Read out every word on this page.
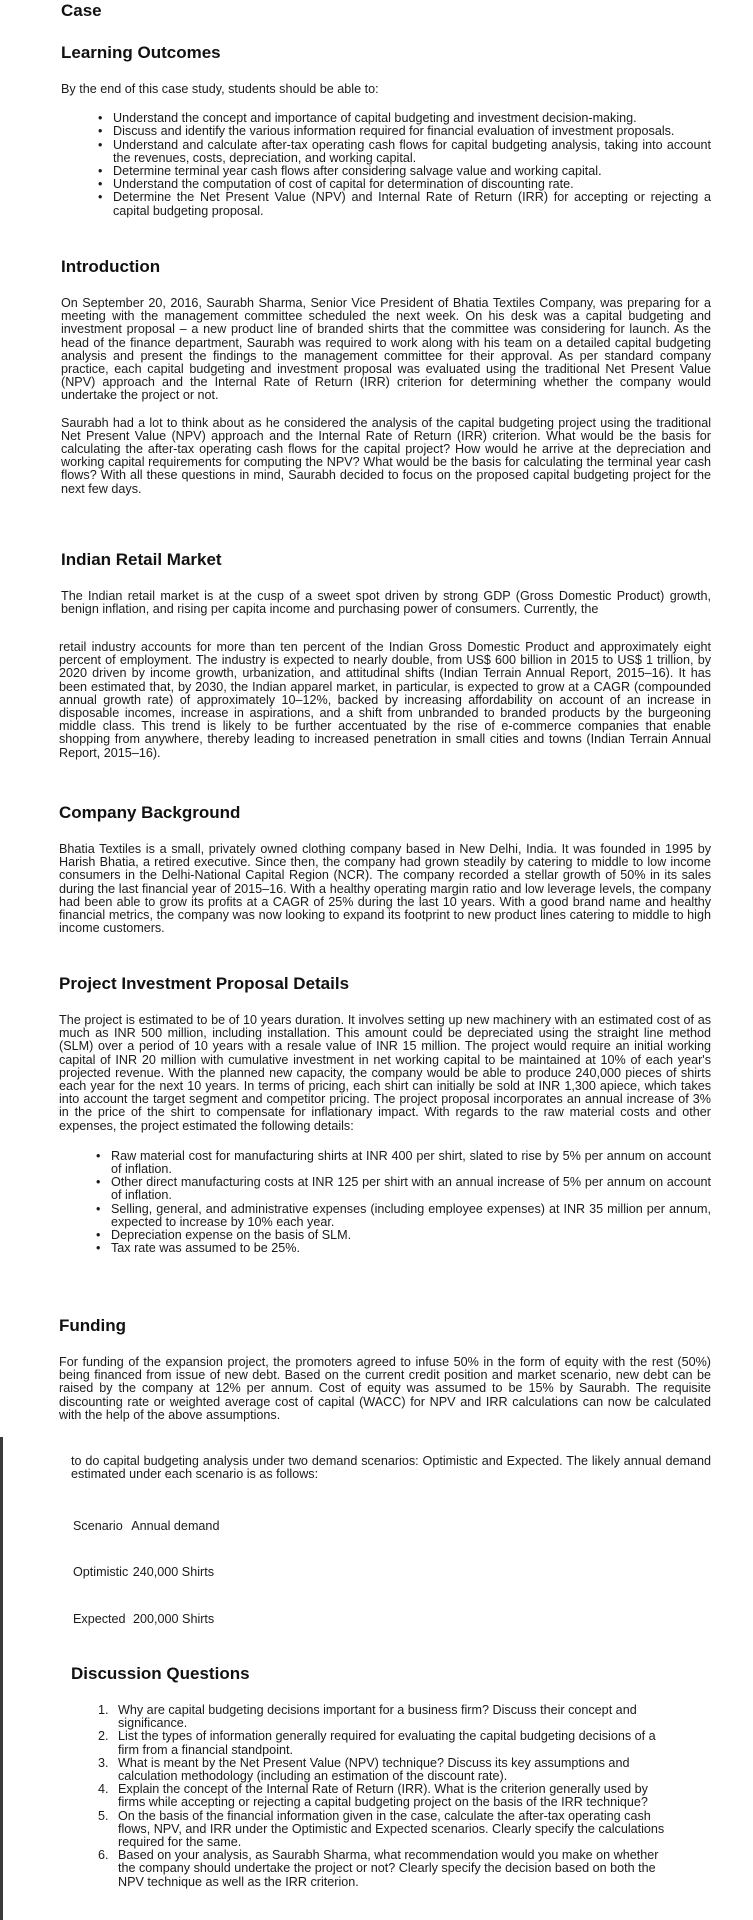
Case
Learning Outcomes

By the end of this case study, students should be able to:

• Understand the concept and importance of capital budgeting and investment decision-making.
• Discuss and identify the various information required for financial evaluation of investment proposals.
• Understand and calculate after-tax operating cash flows for capital budgeting analysis, taking into account the revenues, costs, depreciation, and working capital.
• Determine terminal year cash flows after considering salvage value and working capital.
• Understand the computation of cost of capital for determination of discounting rate.
• Determine the Net Present Value (NPV) and Internal Rate of Return (IRR) for accepting or rejecting a capital budgeting proposal.
Introduction

On September 20, 2016, Saurabh Sharma, Senior Vice President of Bhatia Textiles Company, was preparing for a meeting with the management committee scheduled the next week. On his desk was a capital budgeting and investment proposal – a new product line of branded shirts that the committee was considering for launch. As the head of the finance department, Saurabh was required to work along with his team on a detailed capital budgeting analysis and present the findings to the management committee for their approval. As per standard company practice, each capital budgeting and investment proposal was evaluated using the traditional Net Present Value (NPV) approach and the Internal Rate of Return (IRR) criterion for determining whether the company would undertake the project or not.

Saurabh had a lot to think about as he considered the analysis of the capital budgeting project using the traditional Net Present Value (NPV) approach and the Internal Rate of Return (IRR) criterion. What would be the basis for calculating the after-tax operating cash flows for the capital project? How would he arrive at the depreciation and working capital requirements for computing the NPV? What would be the basis for calculating the terminal year cash flows? With all these questions in mind, Saurabh decided to focus on the proposed capital budgeting project for the next few days.

Indian Retail Market

The Indian retail market is at the cusp of a sweet spot driven by strong GDP (Gross Domestic Product) growth, benign inflation, and rising per capita income and purchasing power of consumers. Currently, the

retail industry accounts for more than ten percent of the Indian Gross Domestic Product and approximately eight percent of employment. The industry is expected to nearly double, from US$ 600 billion in 2015 to US$ 1 trillion, by 2020 driven by income growth, urbanization, and attitudinal shifts (Indian Terrain Annual Report, 2015–16). It has been estimated that, by 2030, the Indian apparel market, in particular, is expected to grow at a CAGR (compounded annual growth rate) of approximately 10–12%, backed by increasing affordability on account of an increase in disposable incomes, increase in aspirations, and a shift from unbranded to branded products by the burgeoning middle class. This trend is likely to be further accentuated by the rise of e-commerce companies that enable shopping from anywhere, thereby leading to increased penetration in small cities and towns (Indian Terrain Annual Report, 2015–16).

Company Background

Bhatia Textiles is a small, privately owned clothing company based in New Delhi, India. It was founded in 1995 by Harish Bhatia, a retired executive. Since then, the company had grown steadily by catering to middle to low income consumers in the Delhi-National Capital Region (NCR). The company recorded a stellar growth of 50% in its sales during the last financial year of 2015–16. With a healthy operating margin ratio and low leverage levels, the company had been able to grow its profits at a CAGR of 25% during the last 10 years. With a good brand name and healthy financial metrics, the company was now looking to expand its footprint to new product lines catering to middle to high income customers.

Project Investment Proposal Details

The project is estimated to be of 10 years duration. It involves setting up new machinery with an estimated cost of as much as INR 500 million, including installation. This amount could be depreciated using the straight line method (SLM) over a period of 10 years with a resale value of INR 15 million. The project would require an initial working capital of INR 20 million with cumulative investment in net working capital to be maintained at 10% of each year's projected revenue. With the planned new capacity, the company would be able to produce 240,000 pieces of shirts each year for the next 10 years. In terms of pricing, each shirt can initially be sold at INR 1,300 apiece, which takes into account the target segment and competitor pricing. The project proposal incorporates an annual increase of 3% in the price of the shirt to compensate for inflationary impact. With regards to the raw material costs and other expenses, the project estimated the following details:

• Raw material cost for manufacturing shirts at INR 400 per shirt, slated to rise by 5% per annum on account of inflation.
• Other direct manufacturing costs at INR 125 per shirt with an annual increase of 5% per annum on account of inflation.
• Selling, general, and administrative expenses (including employee expenses) at INR 35 million per annum, expected to increase by 10% each year.
• Depreciation expense on the basis of SLM.
• Tax rate was assumed to be 25%.
Funding

For funding of the expansion project, the promoters agreed to infuse 50% in the form of equity with the rest (50%) being financed from issue of new debt. Based on the current credit position and market scenario, new debt can be raised by the company at 12% per annum. Cost of equity was assumed to be 15% by Saurabh. The requisite discounting rate or weighted average cost of capital (WACC) for NPV and IRR calculations can now be calculated with the help of the above assumptions.

to do capital budgeting analysis under two demand scenarios: Optimistic and Expected. The likely annual demand estimated under each scenario is as follows:

Scenario Annual demand
Optimistic 240,000 Shirts
Expected 200,000 Shirts
Discussion Questions
1. Why are capital budgeting decisions important for a business firm? Discuss their concept and significance.
2. List the types of information generally required for evaluating the capital budgeting decisions of a firm from a financial standpoint.
3. What is meant by the Net Present Value (NPV) technique? Discuss its key assumptions and calculation methodology (including an estimation of the discount rate).
4. Explain the concept of the Internal Rate of Return (IRR). What is the criterion generally used by firms while accepting or rejecting a capital budgeting project on the basis of the IRR technique?
5. On the basis of the financial information given in the case, calculate the after-tax operating cash flows, NPV, and IRR under the Optimistic and Expected scenarios. Clearly specify the calculations required for the same.
6. Based on your analysis, as Saurabh Sharma, what recommendation would you make on whether the company should undertake the project or not? Clearly specify the decision based on both the NPV technique as well as the IRR criterion.
